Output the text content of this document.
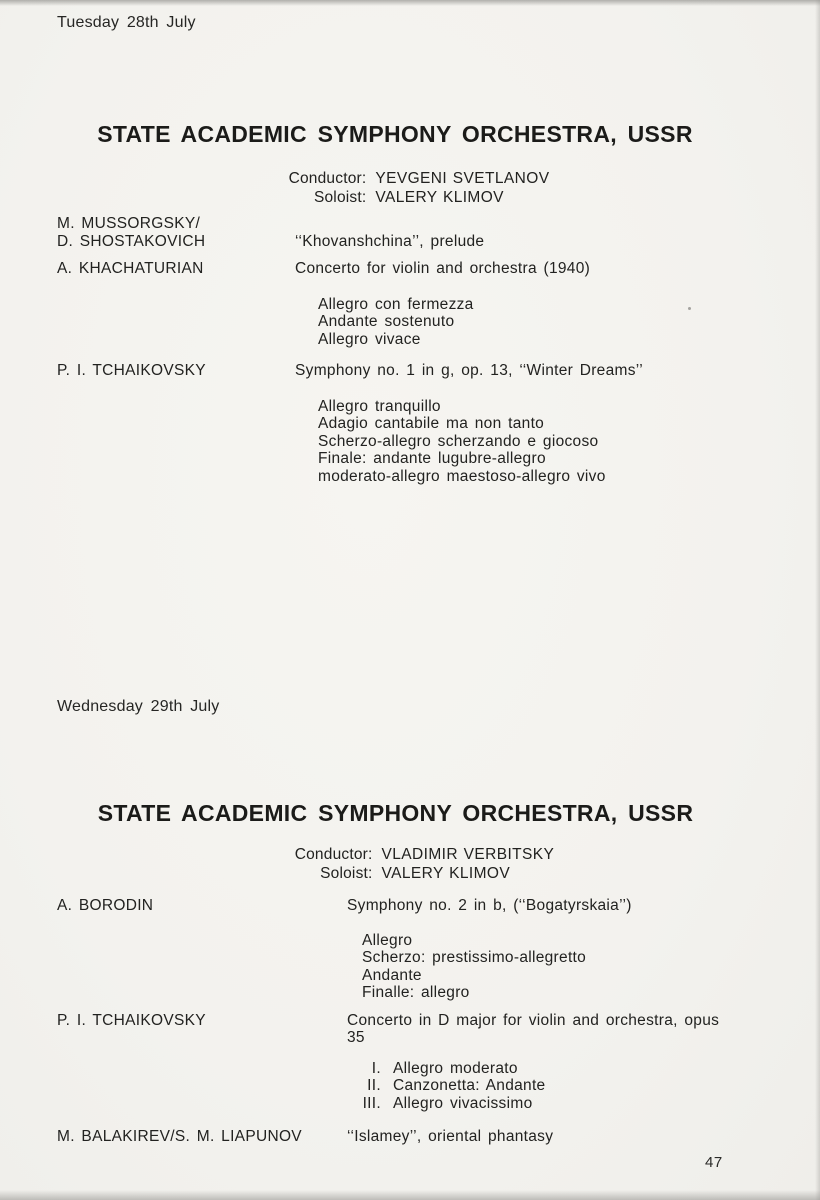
Tuesday 28th July
STATE ACADEMIC SYMPHONY ORCHESTRA, USSR
Conductor: YEVGENI SVETLANOV
Soloist: VALERY KLIMOV
M. MUSSORGSKY/
D. SHOSTAKOVICH	‘‘Khovanshchina’’, prelude
A. KHACHATURIAN	Concerto for violin and orchestra (1940)
Allegro con fermezza
Andante sostenuto
Allegro vivace
P. I. TCHAIKOVSKY	Symphony no. 1 in g, op. 13, ‘‘Winter Dreams’’
Allegro tranquillo
Adagio cantabile ma non tanto
Scherzo-allegro scherzando e giocoso
Finale: andante lugubre-allegro
moderato-allegro maestoso-allegro vivo
Wednesday 29th July
STATE ACADEMIC SYMPHONY ORCHESTRA, USSR
Conductor: VLADIMIR VERBITSKY
Soloist: VALERY KLIMOV
A. BORODIN	Symphony no. 2 in b, (‘‘Bogatyrskaia’’)
Allegro
Scherzo: prestissimo-allegretto
Andante
Finalle: allegro
P. I. TCHAIKOVSKY	Concerto in D major for violin and orchestra, opus
35
I. Allegro moderato
II. Canzonetta: Andante
III. Allegro vivacissimo
M. BALAKIREV/S. M. LIAPUNOV	‘‘Islamey’’, oriental phantasy
47
